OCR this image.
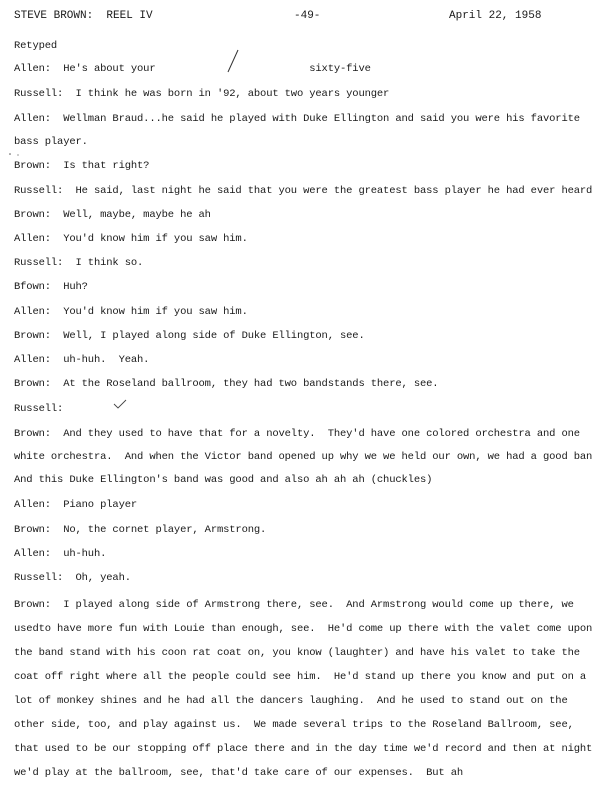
STEVE BROWN:  REEL IV	-49-	April 22, 1958
Retyped
Allen:  He's about your                         sixty-five
Russell:  I think he was born in '92, about two years younger
Allen:  Wellman Braud...he said he played with Duke Ellington and said you were his favorite
bass player.
Brown:  Is that right?
Russell:  He said, last night he said that you were the greatest bass player he had ever heard
Brown:  Well, maybe, maybe he ah
Allen:  You'd know him if you saw him.
Russell:  I think so.
Bfown:  Huh?
Allen:  You'd know him if you saw him.
Brown:  Well, I played along side of Duke Ellington, see.
Allen:  uh-huh.  Yeah.
Brown:  At the Roseland ballroom, they had two bandstands there, see.
Russell:
Brown:  And they used to have that for a novelty.  They'd have one colored orchestra and one
white orchestra.  And when the Victor band opened up why we we held our own, we had a good ban
And this Duke Ellington's band was good and also ah ah ah (chuckles)
Allen:  Piano player
Brown:  No, the cornet player, Armstrong.
Allen:  uh-huh.
Russell:  Oh, yeah.
Brown:  I played along side of Armstrong there, see.  And Armstrong would come up there, we
usedto have more fun with Louie than enough, see.  He'd come up there with the valet come upon
the band stand with his coon rat coat on, you know (laughter) and have his valet to take the
coat off right where all the people could see him.  He'd stand up there you know and put on a
lot of monkey shines and he had all the dancers laughing.  And he used to stand out on the
other side, too, and play against us.  We made several trips to the Roseland Ballroom, see,
that used to be our stopping off place there and in the day time we'd record and then at night
we'd play at the ballroom, see, that'd take care of our expenses.  But ah
